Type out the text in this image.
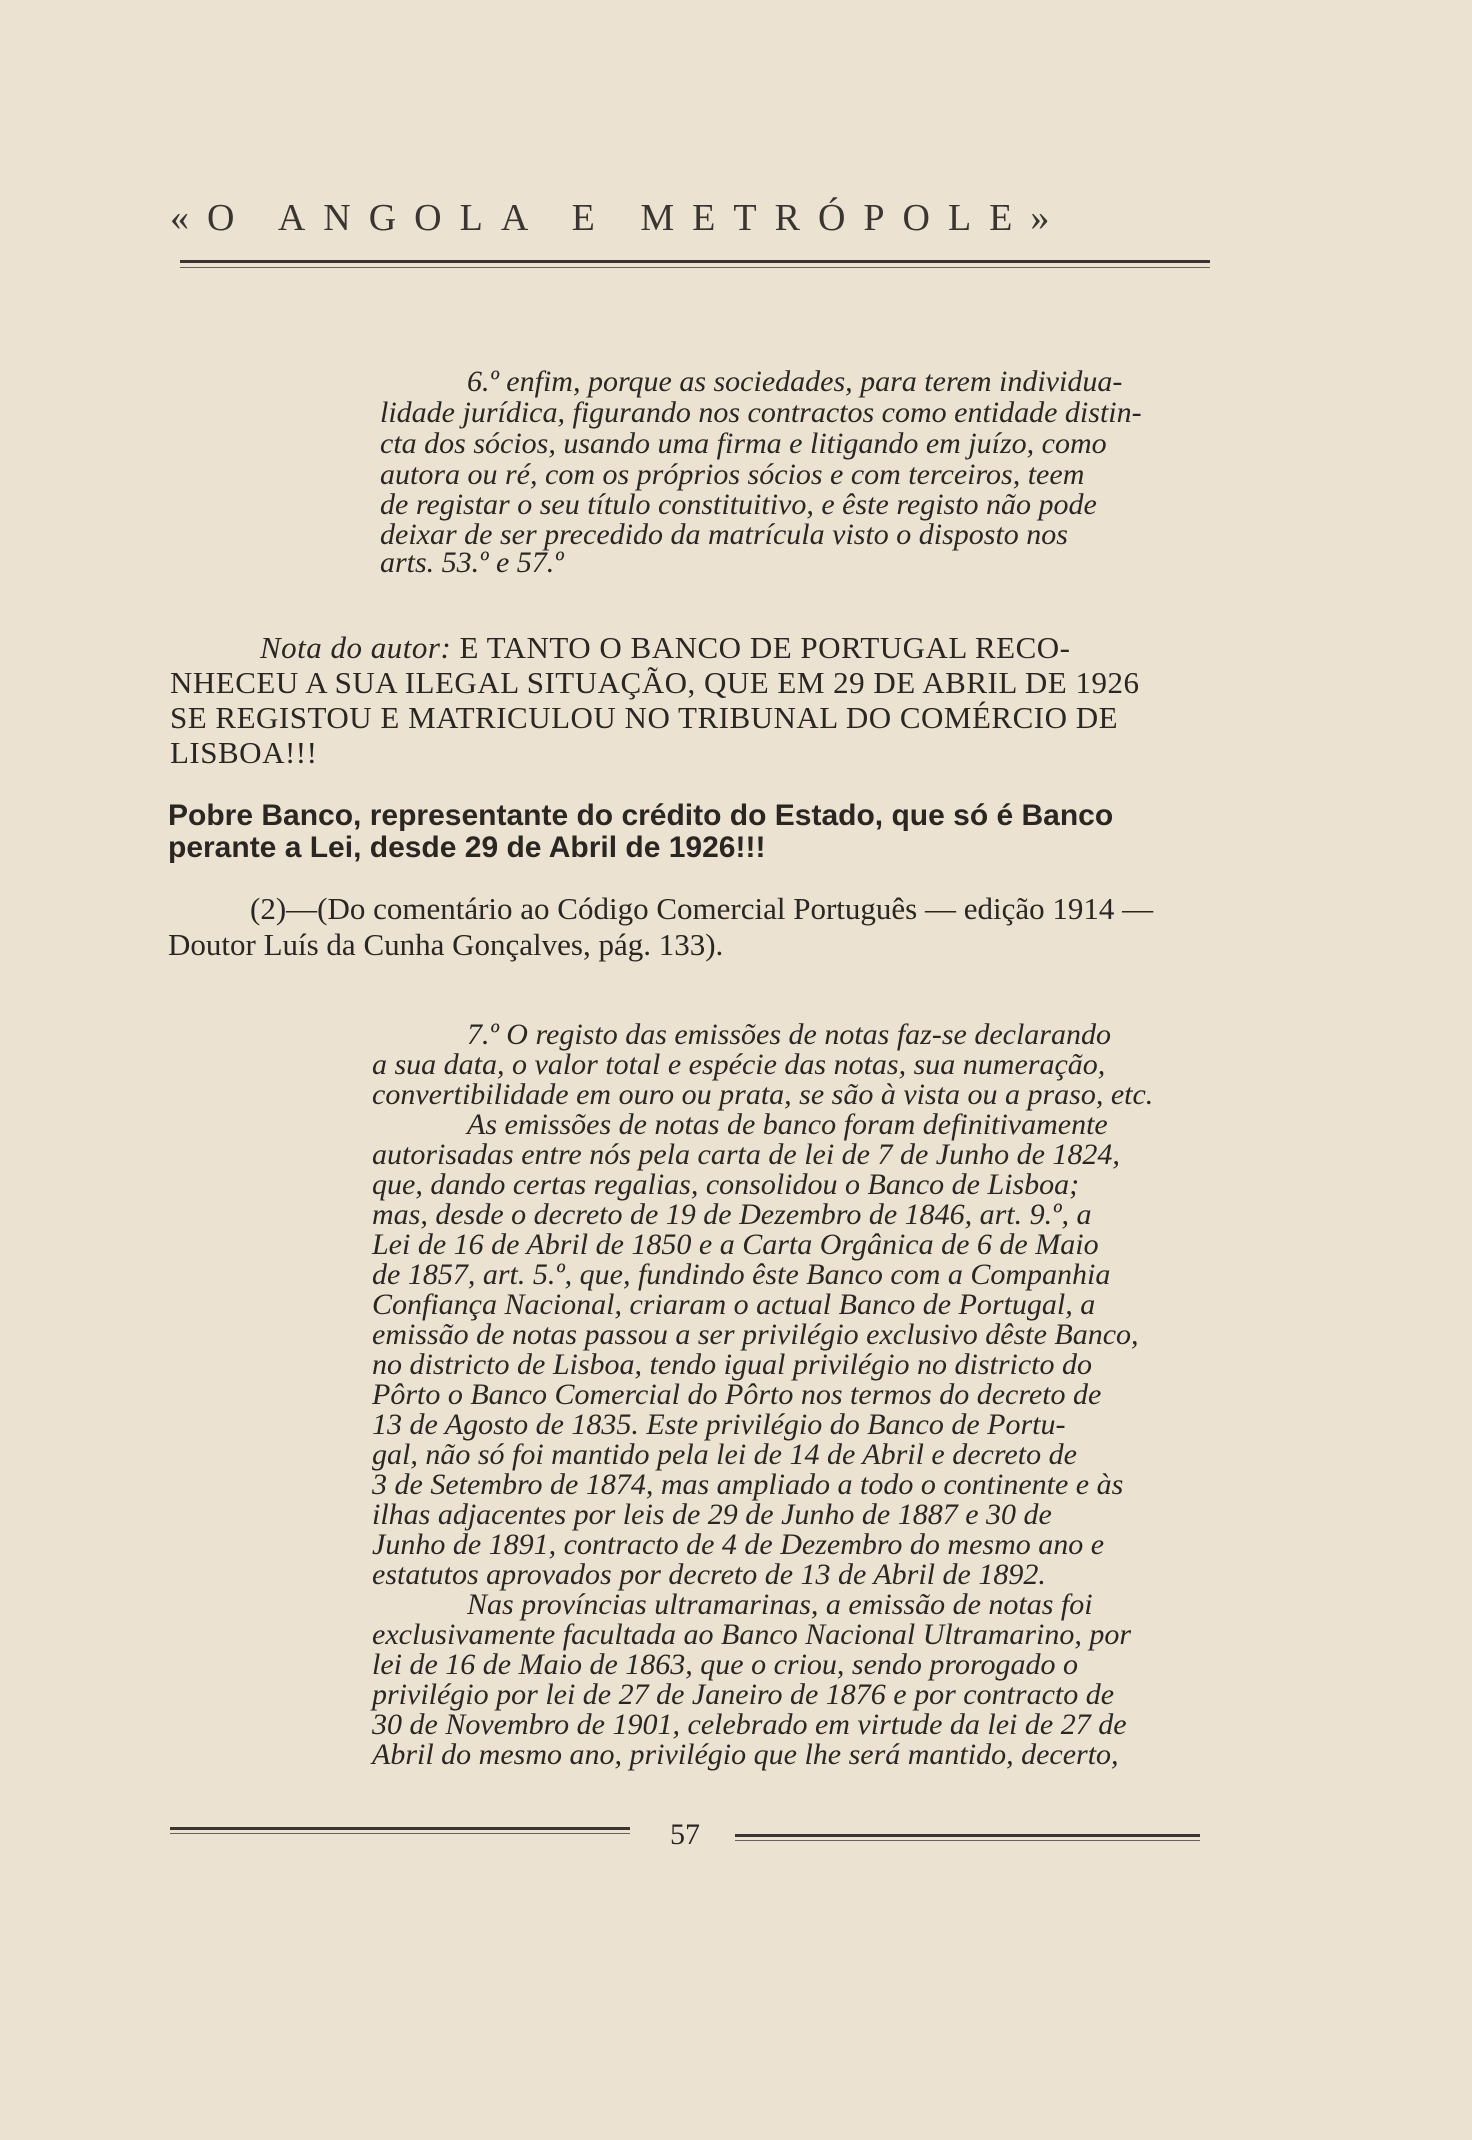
«O ANGOLA E METRÓPOLE»
6.º enfim, porque as sociedades, para terem individua-
lidade jurídica, figurando nos contractos como entidade distin-
cta dos sócios, usando uma firma e litigando em juízo, como
autora ou ré, com os próprios sócios e com terceiros, teem
de registar o seu título constituitivo, e êste registo não pode
deixar de ser precedido da matrícula visto o disposto nos
arts. 53.º e 57.º
Nota do autor: E TANTO O BANCO DE PORTUGAL RECO-
NHECEU A SUA ILEGAL SITUAÇÃO, QUE EM 29 DE ABRIL DE 1926
SE REGISTOU E MATRICULOU NO TRIBUNAL DO COMÉRCIO DE
LISBOA!!!
Pobre Banco, representante do crédito do Estado, que só é Banco
perante a Lei, desde 29 de Abril de 1926!!!
(2)—(Do comentário ao Código Comercial Português — edição 1914 —
Doutor Luís da Cunha Gonçalves, pág. 133).
7.º O registo das emissões de notas faz-se declarando
a sua data, o valor total e espécie das notas, sua numeração,
convertibilidade em ouro ou prata, se são à vista ou a praso, etc.
As emissões de notas de banco foram definitivamente
autorisadas entre nós pela carta de lei de 7 de Junho de 1824,
que, dando certas regalias, consolidou o Banco de Lisboa;
mas, desde o decreto de 19 de Dezembro de 1846, art. 9.º, a
Lei de 16 de Abril de 1850 e a Carta Orgânica de 6 de Maio
de 1857, art. 5.º, que, fundindo êste Banco com a Companhia
Confiança Nacional, criaram o actual Banco de Portugal, a
emissão de notas passou a ser privilégio exclusivo dêste Banco,
no districto de Lisboa, tendo igual privilégio no districto do
Pôrto o Banco Comercial do Pôrto nos termos do decreto de
13 de Agosto de 1835. Este privilégio do Banco de Portu-
gal, não só foi mantido pela lei de 14 de Abril e decreto de
3 de Setembro de 1874, mas ampliado a todo o continente e às
ilhas adjacentes por leis de 29 de Junho de 1887 e 30 de
Junho de 1891, contracto de 4 de Dezembro do mesmo ano e
estatutos aprovados por decreto de 13 de Abril de 1892.
Nas províncias ultramarinas, a emissão de notas foi
exclusivamente facultada ao Banco Nacional Ultramarino, por
lei de 16 de Maio de 1863, que o criou, sendo prorogado o
privilégio por lei de 27 de Janeiro de 1876 e por contracto de
30 de Novembro de 1901, celebrado em virtude da lei de 27 de
Abril do mesmo ano, privilégio que lhe será mantido, decerto,
57
